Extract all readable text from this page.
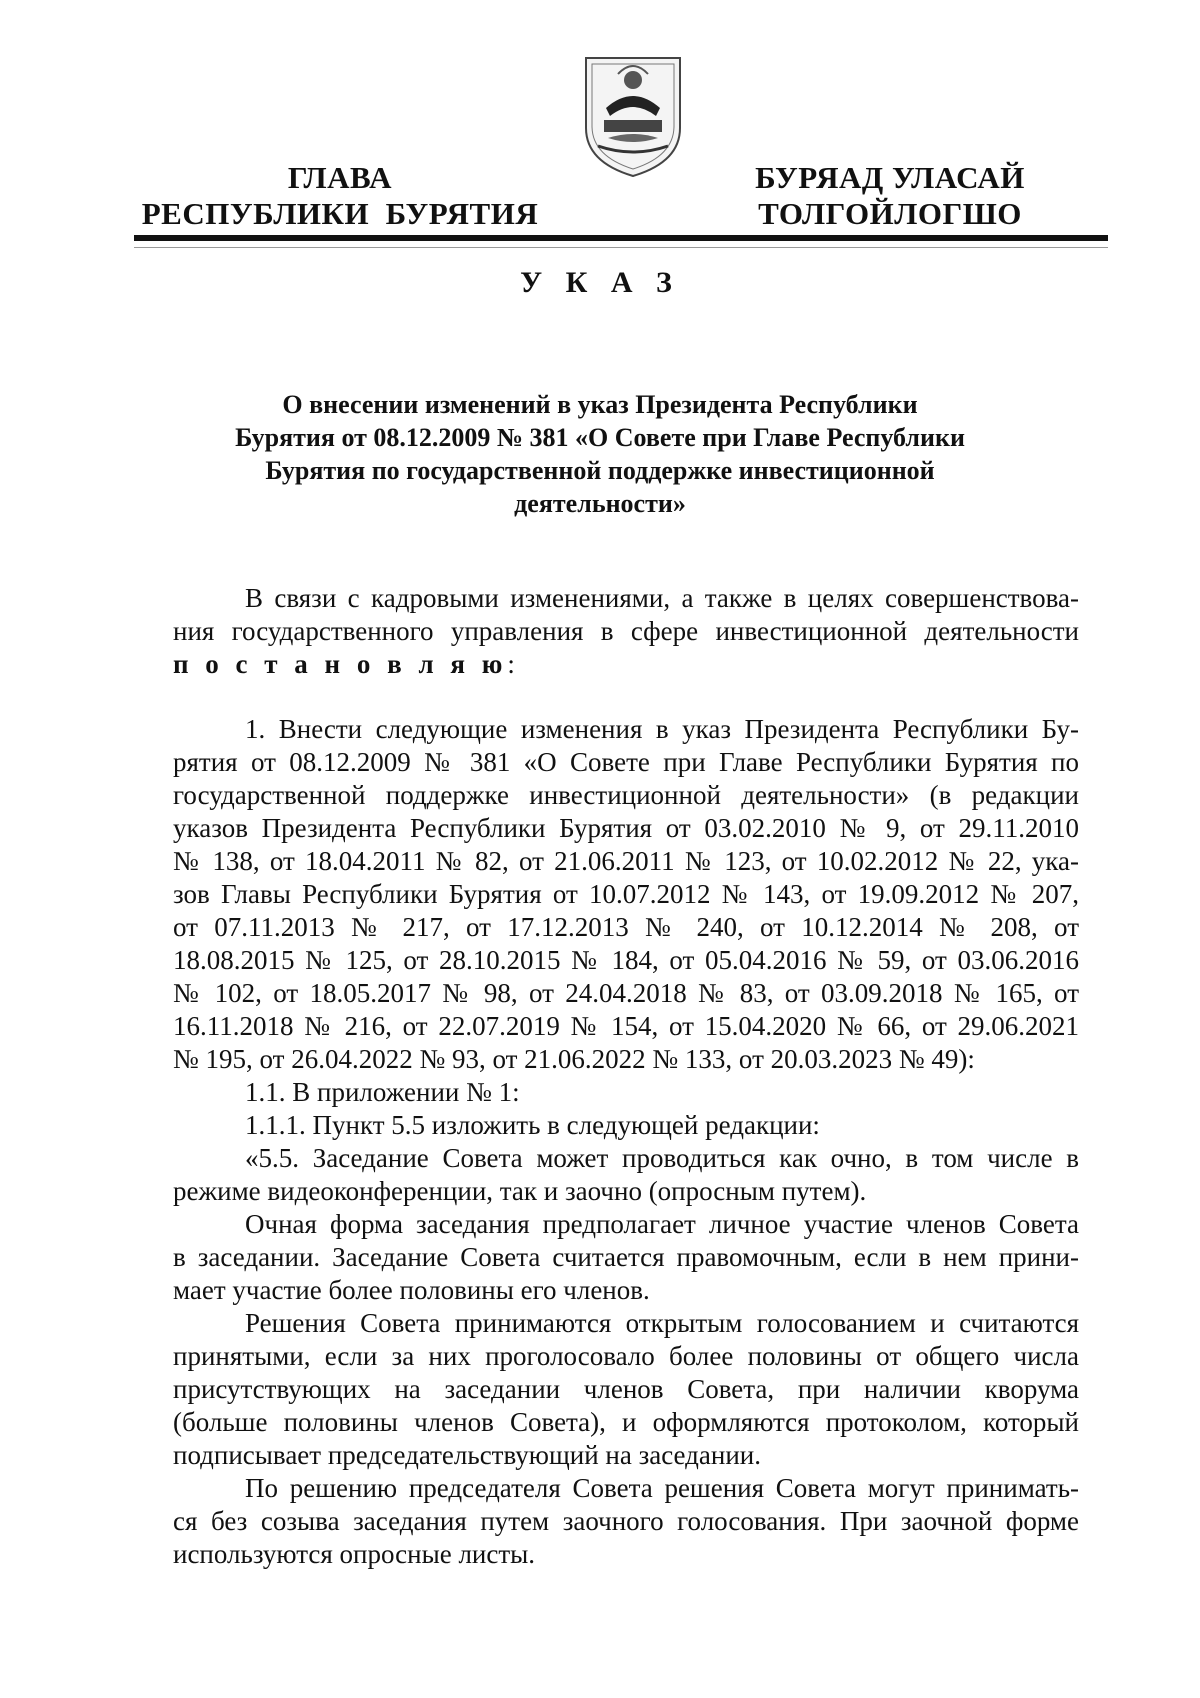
ГЛАВА
РЕСПУБЛИКИ  БУРЯТИЯ
БУРЯАД УЛАСАЙ
ТОЛГОЙЛОГШО
У К А З
О внесении изменений в указ Президента Республики
Бурятия от 08.12.2009 № 381 «О Совете при Главе Республики
Бурятия по государственной поддержке инвестиционной
деятельности»
В связи с кадровыми изменениями, а также в целях совершенствова-
ния государственного управления в сфере инвестиционной деятельности
п о с т а н о в л я ю:
1. Внести следующие изменения в указ Президента Республики Бу-
рятия от 08.12.2009 № 381 «О Совете при Главе Республики Бурятия по
государственной поддержке инвестиционной деятельности» (в редакции
указов Президента Республики Бурятия от 03.02.2010 № 9, от 29.11.2010
№ 138, от 18.04.2011 № 82, от 21.06.2011 № 123, от 10.02.2012 № 22, ука-
зов Главы Республики Бурятия от 10.07.2012 № 143, от 19.09.2012 № 207,
от 07.11.2013 № 217, от 17.12.2013 № 240, от 10.12.2014 № 208, от
18.08.2015 № 125, от 28.10.2015 № 184, от 05.04.2016 № 59, от 03.06.2016
№ 102, от 18.05.2017 № 98, от 24.04.2018 № 83, от 03.09.2018 № 165, от
16.11.2018 № 216, от 22.07.2019 № 154, от 15.04.2020 № 66, от 29.06.2021
№ 195, от 26.04.2022 № 93, от 21.06.2022 № 133, от 20.03.2023 № 49):
1.1. В приложении № 1:
1.1.1. Пункт 5.5 изложить в следующей редакции:
«5.5. Заседание Совета может проводиться как очно, в том числе в
режиме видеоконференции, так и заочно (опросным путем).
Очная форма заседания предполагает личное участие членов Совета
в заседании. Заседание Совета считается правомочным, если в нем прини-
мает участие более половины его членов.
Решения Совета принимаются открытым голосованием и считаются
принятыми, если за них проголосовало более половины от общего числа
присутствующих на заседании членов Совета, при наличии кворума
(больше половины членов Совета), и оформляются протоколом, который
подписывает председательствующий на заседании.
По решению председателя Совета решения Совета могут принимать-
ся без созыва заседания путем заочного голосования. При заочной форме
используются опросные листы.
